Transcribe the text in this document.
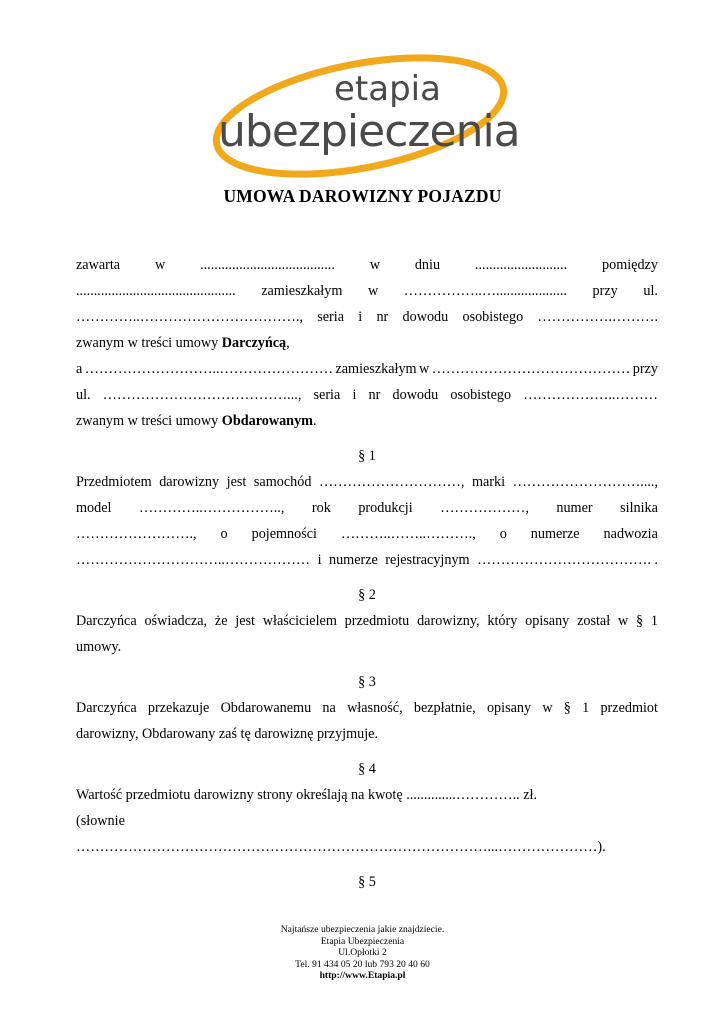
etapia
ubezpieczenia
UMOWA DAROWIZNY POJAZDU
zawarta w ...................................... w dniu .......................... pomiędzy
............................................. zamieszkałym w ……………..….................... przy ul.
…………..……………………………., seria i nr dowodu osobistego …………….……….
zwanym w treści umowy Darczyńcą,
a ………………………..…………………… zamieszkałym w …………………………………… przy
ul. …………………………………..., seria i nr dowodu osobistego ………………..………
zwanym w treści umowy Obdarowanym.
§ 1
Przedmiotem darowizny jest samochód …………………………, marki ………………………....,
model …………..…………….., rok produkcji ………………, numer silnika
……………………., o pojemności ………..……..………., o numerze nadwozia
…………………………..……………… i numerze rejestracyjnym ………………………………. .
§ 2
Darczyńca oświadcza, że jest właścicielem przedmiotu darowizny, który opisany został w § 1
umowy.
§ 3
Darczyńca przekazuje Obdarowanemu na własność, bezpłatnie, opisany w § 1 przedmiot
darowizny, Obdarowany zaś tę darowiznę przyjmuje.
§ 4
Wartość przedmiotu darowizny strony określają na kwotę ..............………….. zł.
(słownie
……………………………………………………………………………...…………………).
§ 5
Najtańsze ubezpieczenia jakie znajdziecie.
Etapia Ubezpieczenia
Ul.Opłotki 2
Tel. 91 434 05 20 lub 793 20 40 60
http://www.Etapia.pl
